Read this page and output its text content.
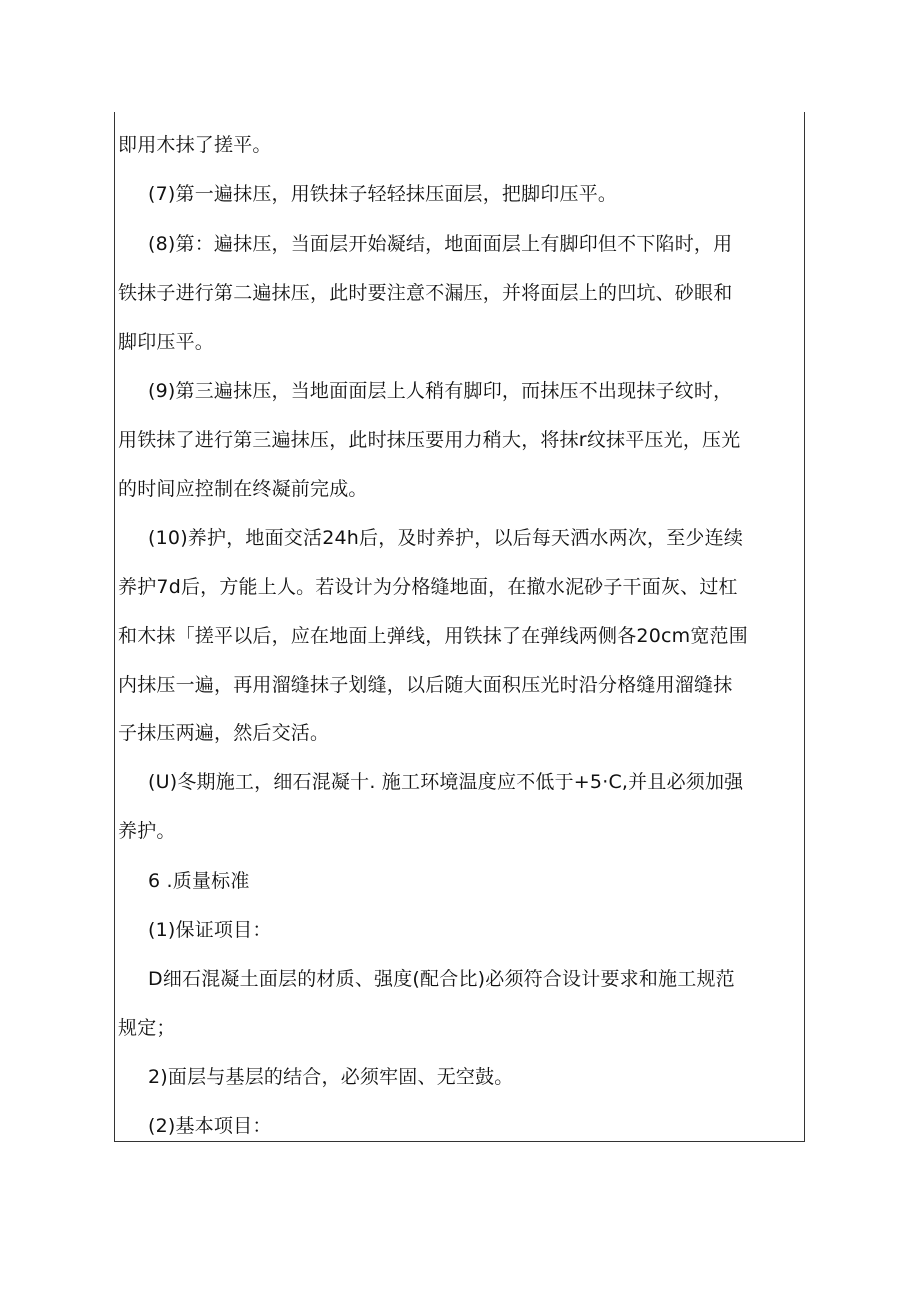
即用木抹了搓平。

(7)第一遍抹压，用铁抹子轻轻抹压面层，把脚印压平。

(8)第：遍抹压，当面层开始凝结，地面面层上有脚印但不下陷时，用

铁抹子进行第二遍抹压，此时要注意不漏压，并将面层上的凹坑、砂眼和

脚印压平。

(9)第三遍抹压，当地面面层上人稍有脚印，而抹压不出现抹子纹时，

用铁抹了进行第三遍抹压，此时抹压要用力稍大，将抹r纹抹平压光，压光

的时间应控制在终凝前完成。

(10)养护，地面交活24h后，及时养护，以后每天洒水两次，至少连续

养护7d后，方能上人。若设计为分格缝地面，在撤水泥砂子干面灰、过杠

和木抹「搓平以后，应在地面上弹线，用铁抹了在弹线两侧各20cm宽范围

内抹压一遍，再用溜缝抹子划缝，以后随大面积压光时沿分格缝用溜缝抹

子抹压两遍，然后交活。

(U)冬期施工，细石混凝十. 施工环境温度应不低于+5·C,并且必须加强

养护。

6 .质量标准

(1)保证项目：

D细石混凝土面层的材质、强度(配合比)必须符合设计要求和施工规范

规定；

2)面层与基层的结合，必须牢固、无空鼓。

(2)基本项目：
